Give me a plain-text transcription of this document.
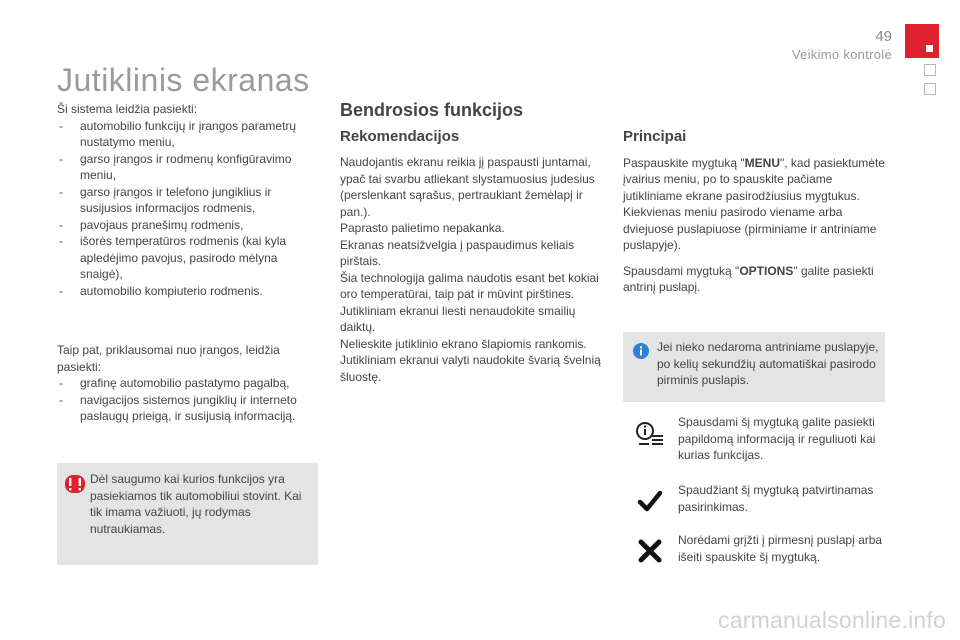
49
Veikimo kontrolė
Jutiklinis ekranas

Ši sistema leidžia pasiekti:

- automobilio funkcijų ir įrangos parametrų nustatymo meniu,
- garso įrangos ir rodmenų konfigūravimo meniu,
- garso įrangos ir telefono jungiklius ir susijusios informacijos rodmenis,
- pavojaus pranešimų rodmenis,
- išorės temperatūros rodmenis (kai kyla apledėjimo pavojus, pasirodo mėlyna snaigė),
- automobilio kompiuterio rodmenis.

Taip pat, priklausomai nuo įrangos, leidžia pasiekti:

- grafinę automobilio pastatymo pagalbą,
- navigacijos sistemos jungiklių ir interneto paslaugų prieigą, ir susijusią informaciją.

Dėl saugumo kai kurios funkcijos yra pasiekiamos tik automobiliui stovint. Kai tik imama važiuoti, jų rodymas nutraukiamas.

Bendrosios funkcijos
Rekomendacijos

Naudojantis ekranu reikia jį paspausti juntamai, ypač tai svarbu atliekant slystamuosius judesius (perslenkant sąrašus, pertraukiant žemėlapį ir pan.).

Paprasto palietimo nepakanka.

Ekranas neatsižvelgia į paspaudimus keliais pirštais.

Šia technologija galima naudotis esant bet kokiai oro temperatūrai, taip pat ir mūvint pirštines.

Jutikliniam ekranui liesti nenaudokite smailių daiktų.

Nelieskite jutiklinio ekrano šlapiomis rankomis.

Jutikliniam ekranui valyti naudokite švarią švelnią šluostę.

Principai

Paspauskite mygtuką "MENU", kad pasiektumėte įvairius meniu, po to spauskite pačiame jutikliniame ekrane pasirodžiusius mygtukus.

Kiekvienas meniu pasirodo viename arba dviejuose puslapiuose (pirminiame ir antriniame puslapyje).

Spausdami mygtuką "OPTIONS" galite pasiekti antrinį puslapį.

Jei nieko nedaroma antriniame puslapyje, po kelių sekundžių automatiškai pasirodo pirminis puslapis.

Spausdami šį mygtuką galite pasiekti papildomą informaciją ir reguliuoti kai kurias funkcijas.

Spaudžiant šį mygtuką patvirtinamas pasirinkimas.

Norėdami grįžti į pirmesnį puslapį arba išeiti spauskite šį mygtuką.

carmanualsonline.info
